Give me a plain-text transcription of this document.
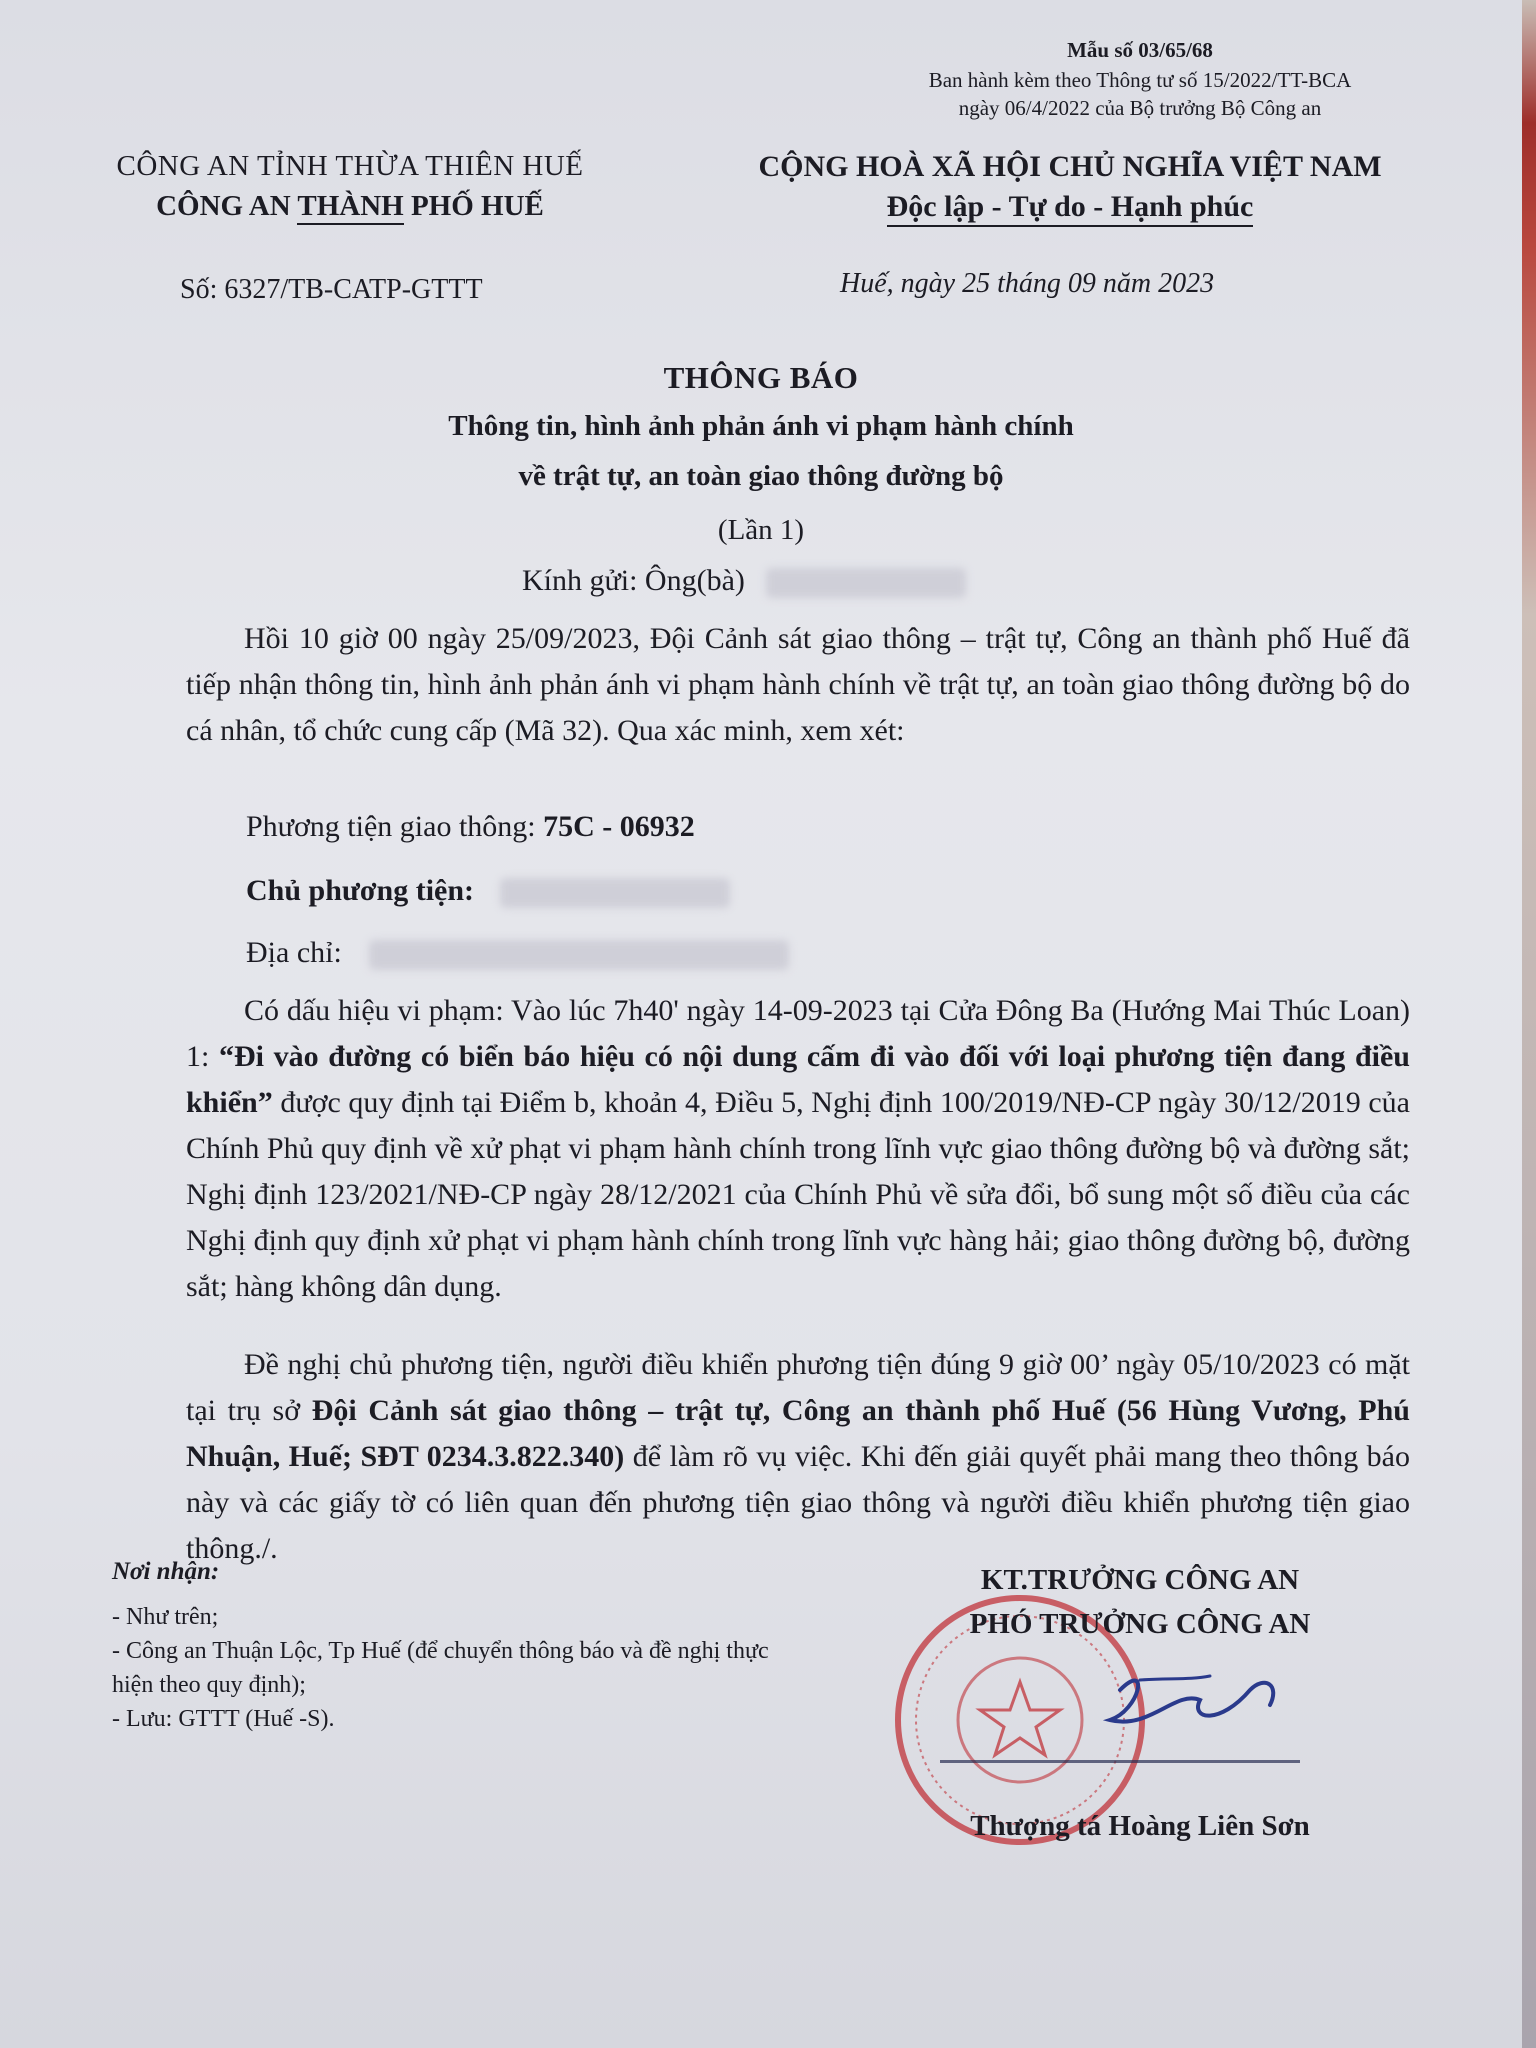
Mẫu số 03/65/68
Ban hành kèm theo Thông tư số 15/2022/TT-BCA
ngày 06/4/2022 của Bộ trưởng Bộ Công an
CÔNG AN TỈNH THỪA THIÊN HUẾ
CÔNG AN THÀNH PHỐ HUẾ
CỘNG HOÀ XÃ HỘI CHỦ NGHĨA VIỆT NAM
Độc lập - Tự do - Hạnh phúc
Số: 6327/TB-CATP-GTTT	Huế, ngày 25 tháng 09 năm 2023
THÔNG BÁO
Thông tin, hình ảnh phản ánh vi phạm hành chính
về trật tự, an toàn giao thông đường bộ
(Lần 1)
Kính gửi: Ông(bà)
Hồi 10 giờ 00 ngày 25/09/2023, Đội Cảnh sát giao thông – trật tự, Công an thành phố Huế đã tiếp nhận thông tin, hình ảnh phản ánh vi phạm hành chính về trật tự, an toàn giao thông đường bộ do cá nhân, tổ chức cung cấp (Mã 32). Qua xác minh, xem xét:
Phương tiện giao thông: 75C - 06932
Chủ phương tiện:
Địa chỉ:
Có dấu hiệu vi phạm: Vào lúc 7h40' ngày 14-09-2023 tại Cửa Đông Ba (Hướng Mai Thúc Loan) 1: “Đi vào đường có biển báo hiệu có nội dung cấm đi vào đối với loại phương tiện đang điều khiển” được quy định tại Điểm b, khoản 4, Điều 5, Nghị định 100/2019/NĐ-CP ngày 30/12/2019 của Chính Phủ quy định về xử phạt vi phạm hành chính trong lĩnh vực giao thông đường bộ và đường sắt; Nghị định 123/2021/NĐ-CP ngày 28/12/2021 của Chính Phủ về sửa đổi, bổ sung một số điều của các Nghị định quy định xử phạt vi phạm hành chính trong lĩnh vực hàng hải; giao thông đường bộ, đường sắt; hàng không dân dụng.
Đề nghị chủ phương tiện, người điều khiển phương tiện đúng 9 giờ 00’ ngày 05/10/2023 có mặt tại trụ sở Đội Cảnh sát giao thông – trật tự, Công an thành phố Huế (56 Hùng Vương, Phú Nhuận, Huế; SĐT 0234.3.822.340) để làm rõ vụ việc. Khi đến giải quyết phải mang theo thông báo này và các giấy tờ có liên quan đến phương tiện giao thông và người điều khiển phương tiện giao thông./.
Nơi nhận:
- Như trên;
- Công an Thuận Lộc, Tp Huế (để chuyển thông báo và đề nghị thực hiện theo quy định);
- Lưu: GTTT (Huế -S).
KT.TRƯỞNG CÔNG AN
PHÓ TRƯỞNG CÔNG AN
Thượng tá Hoàng Liên Sơn
